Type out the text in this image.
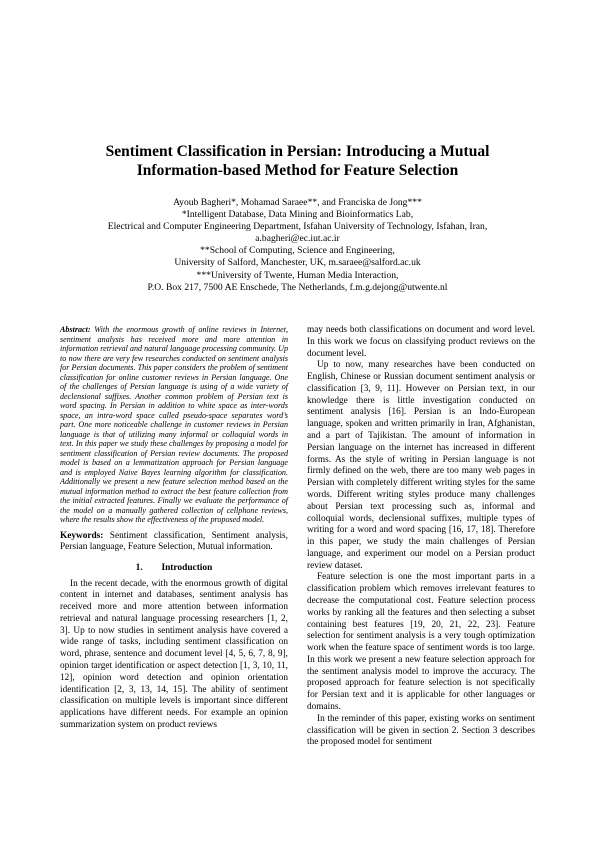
Sentiment Classification in Persian: Introducing a Mutual
Information-based Method for Feature Selection
Ayoub Bagheri*, Mohamad Saraee**, and Franciska de Jong***
*Intelligent Database, Data Mining and Bioinformatics Lab,
Electrical and Computer Engineering Department, Isfahan University of Technology, Isfahan, Iran,
a.bagheri@ec.iut.ac.ir
**School of Computing, Science and Engineering,
University of Salford, Manchester, UK, m.saraee@salford.ac.uk
***University of Twente, Human Media Interaction,
P.O. Box 217, 7500 AE Enschede, The Netherlands, f.m.g.dejong@utwente.nl

Abstract: With the enormous growth of online reviews in Internet, sentiment analysis has received more and more attention in information retrieval and natural language processing community. Up to now there are very few researches conducted on sentiment analysis for Persian documents. This paper considers the problem of sentiment classification for online customer reviews in Persian language. One of the challenges of Persian language is using of a wide variety of declensional suffixes. Another common problem of Persian text is word spacing. In Persian in addition to white space as inter-words space, an intra-word space called pseudo-space separates word’s part. One more noticeable challenge in customer reviews in Persian language is that of utilizing many informal or colloquial words in text. In this paper we study these challenges by proposing a model for sentiment classification of Persian review documents. The proposed model is based on a lemmatization approach for Persian language and is employed Naive Bayes learning algorithm for classification. Additionally we present a new feature selection method based on the mutual information method to extract the best feature collection from the initial extracted features. Finally we evaluate the performance of the model on a manually gathered collection of cellphone reviews, where the results show the effectiveness of the proposed model.

Keywords: Sentiment classification, Sentiment analysis, Persian language, Feature Selection, Mutual information.

1.        Introduction

In the recent decade, with the enormous growth of digital content in internet and databases, sentiment analysis has received more and more attention between information retrieval and natural language processing researchers [1, 2, 3]. Up to now studies in sentiment analysis have covered a wide range of tasks, including sentiment classification on word, phrase, sentence and document level [4, 5, 6, 7, 8, 9], opinion target identification or aspect detection [1, 3, 10, 11, 12], opinion word detection and opinion orientation identification [2, 3, 13, 14, 15]. The ability of sentiment classification on multiple levels is important since different applications have different needs. For example an opinion summarization system on product reviews

may needs both classifications on document and word level. In this work we focus on classifying product reviews on the document level.

Up to now, many researches have been conducted on English, Chinese or Russian document sentiment analysis or classification [3, 9, 11]. However on Persian text, in our knowledge there is little investigation conducted on sentiment analysis [16]. Persian is an Indo-European language, spoken and written primarily in Iran, Afghanistan, and a part of Tajikistan. The amount of information in Persian language on the internet has increased in different forms. As the style of writing in Persian language is not firmly defined on the web, there are too many web pages in Persian with completely different writing styles for the same words. Different writing styles produce many challenges about Persian text processing such as, informal and colloquial words, declensional suffixes, multiple types of writing for a word and word spacing [16, 17, 18]. Therefore in this paper, we study the main challenges of Persian language, and experiment our model on a Persian product review dataset.

Feature selection is one the most important parts in a classification problem which removes irrelevant features to decrease the computational cost. Feature selection process works by ranking all the features and then selecting a subset containing best features [19, 20, 21, 22, 23]. Feature selection for sentiment analysis is a very tough optimization work when the feature space of sentiment words is too large. In this work we present a new feature selection approach for the sentiment analysis model to improve the accuracy. The proposed approach for feature selection is not specifically for Persian text and it is applicable for other languages or domains.

In the reminder of this paper, existing works on sentiment classification will be given in section 2. Section 3 describes the proposed model for sentiment
